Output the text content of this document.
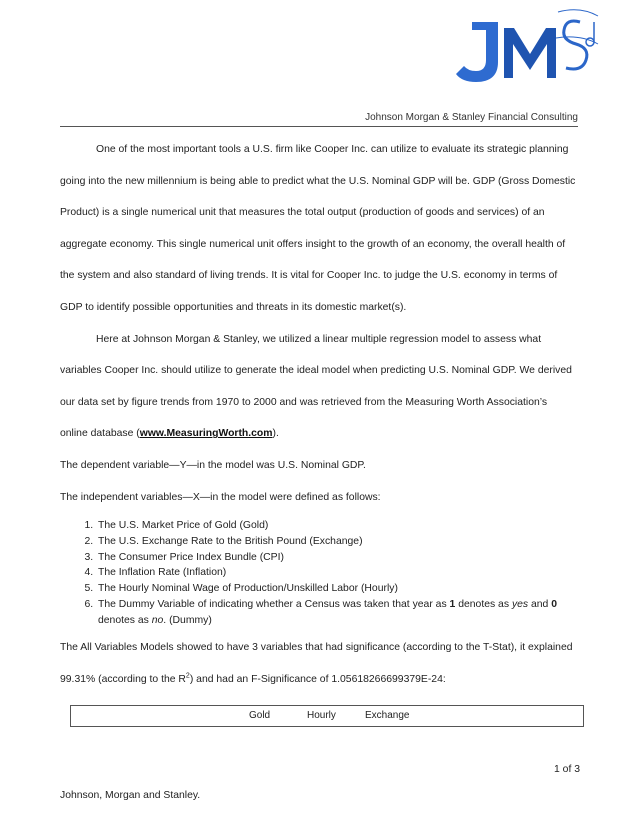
Johnson Morgan & Stanley Financial Consulting

One of the most important tools a U.S. firm like Cooper Inc. can utilize to evaluate its strategic planning

going into the new millennium is being able to predict what the U.S. Nominal GDP will be. GDP (Gross Domestic

Product) is a single numerical unit that measures the total output (production of goods and services) of an

aggregate economy. This single numerical unit offers insight to the growth of an economy, the overall health of

the system and also standard of living trends. It is vital for Cooper Inc. to judge the U.S. economy in terms of

GDP to identify possible opportunities and threats in its domestic market(s).

Here at Johnson Morgan & Stanley, we utilized a linear multiple regression model to assess what

variables Cooper Inc. should utilize to generate the ideal model when predicting U.S. Nominal GDP. We derived

our data set by figure trends from 1970 to 2000 and was retrieved from the Measuring Worth Association’s

online database (www.MeasuringWorth.com).

The dependent variable—Y—in the model was U.S. Nominal GDP.

The independent variables—X—in the model were defined as follows:

1. The U.S. Market Price of Gold (Gold)
2. The U.S. Exchange Rate to the British Pound (Exchange)
3. The Consumer Price Index Bundle (CPI)
4. The Inflation Rate (Inflation)
5. The Hourly Nominal Wage of Production/Unskilled Labor (Hourly)
6. The Dummy Variable of indicating whether a Census was taken that year as 1 denotes as yes and 0
denotes as no. (Dummy)

The All Variables Models showed to have 3 variables that had significance (according to the T-Stat), it explained

99.31% (according to the $R^2$) and had an F-Significance of 1.05618266699379E-24:

Gold	Hourly	Exchange
1 of 3
Johnson, Morgan and Stanley.
